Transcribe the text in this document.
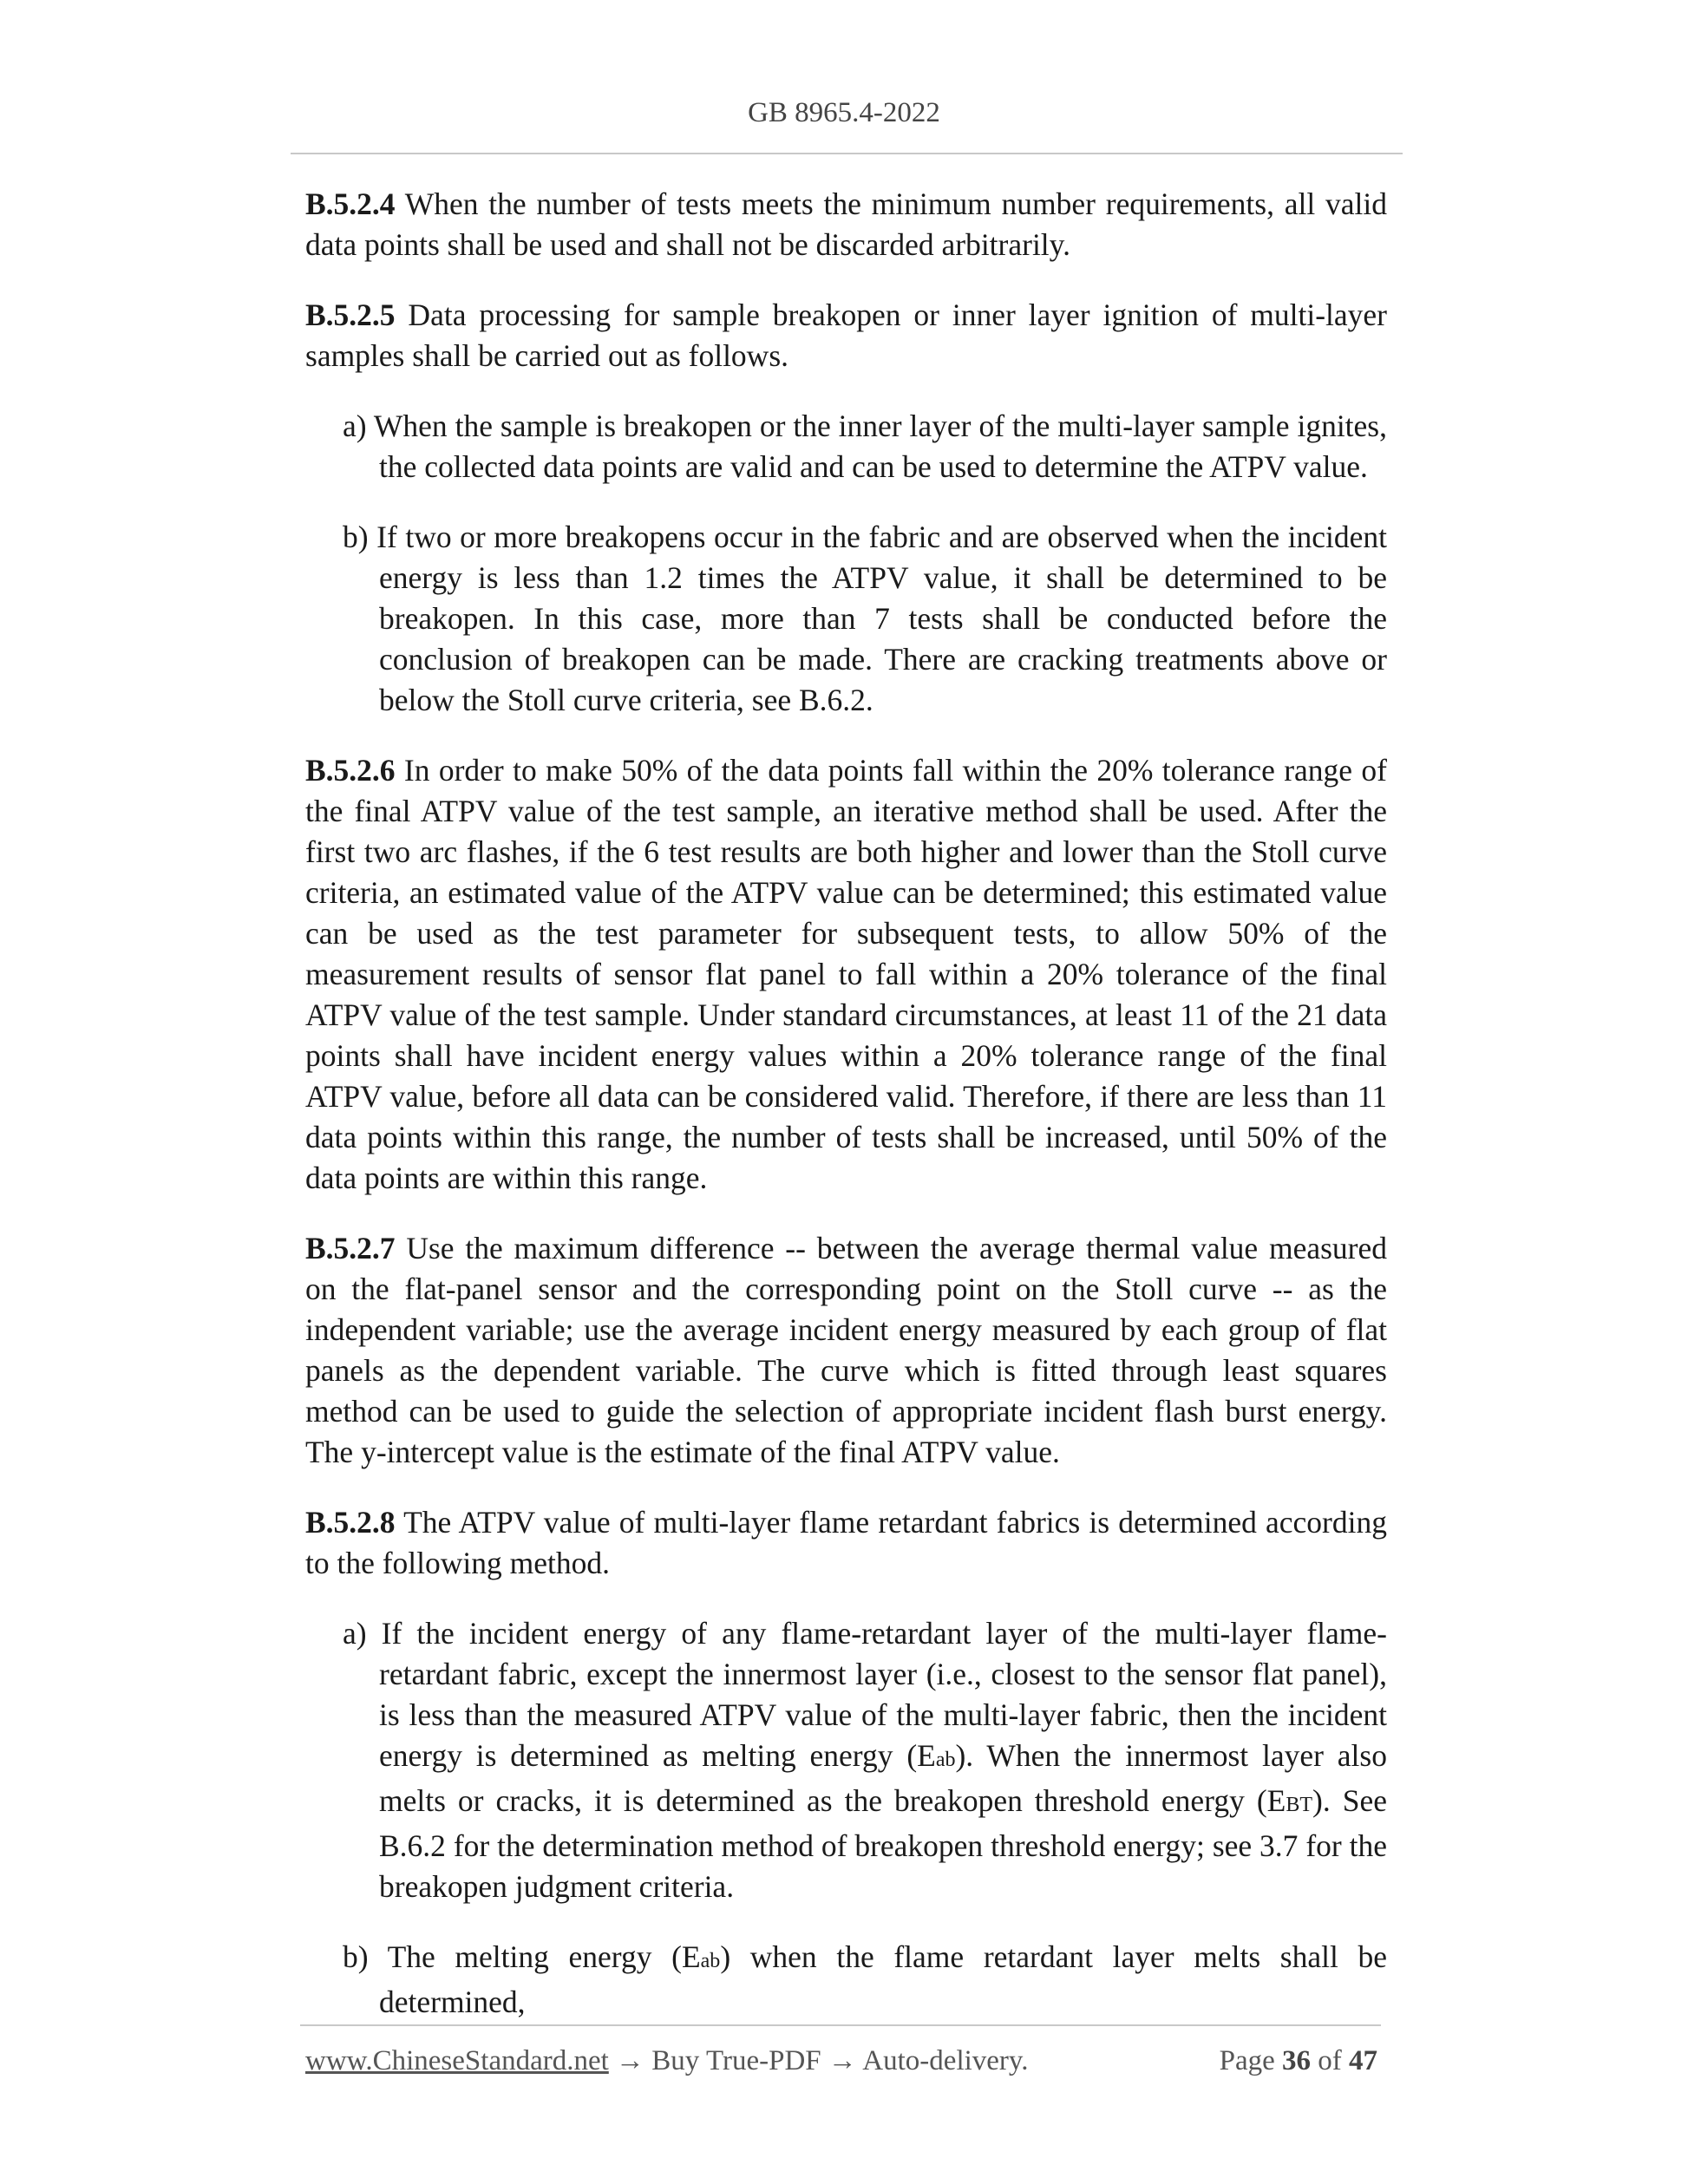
GB 8965.4-2022

B.5.2.4 When the number of tests meets the minimum number requirements, all valid data points shall be used and shall not be discarded arbitrarily.

B.5.2.5 Data processing for sample breakopen or inner layer ignition of multi-layer samples shall be carried out as follows.

a) When the sample is breakopen or the inner layer of the multi-layer sample ignites, the collected data points are valid and can be used to determine the ATPV value.

b) If two or more breakopens occur in the fabric and are observed when the incident energy is less than 1.2 times the ATPV value, it shall be determined to be breakopen. In this case, more than 7 tests shall be conducted before the conclusion of breakopen can be made. There are cracking treatments above or below the Stoll curve criteria, see B.6.2.

B.5.2.6 In order to make 50% of the data points fall within the 20% tolerance range of the final ATPV value of the test sample, an iterative method shall be used. After the first two arc flashes, if the 6 test results are both higher and lower than the Stoll curve criteria, an estimated value of the ATPV value can be determined; this estimated value can be used as the test parameter for subsequent tests, to allow 50% of the measurement results of sensor flat panel to fall within a 20% tolerance of the final ATPV value of the test sample. Under standard circumstances, at least 11 of the 21 data points shall have incident energy values within a 20% tolerance range of the final ATPV value, before all data can be considered valid. Therefore, if there are less than 11 data points within this range, the number of tests shall be increased, until 50% of the data points are within this range.

B.5.2.7 Use the maximum difference -- between the average thermal value measured on the flat-panel sensor and the corresponding point on the Stoll curve -- as the independent variable; use the average incident energy measured by each group of flat panels as the dependent variable. The curve which is fitted through least squares method can be used to guide the selection of appropriate incident flash burst energy. The y-intercept value is the estimate of the final ATPV value.

B.5.2.8 The ATPV value of multi-layer flame retardant fabrics is determined according to the following method.

a) If the incident energy of any flame-retardant layer of the multi-layer flame-retardant fabric, except the innermost layer (i.e., closest to the sensor flat panel), is less than the measured ATPV value of the multi-layer fabric, then the incident energy is determined as melting energy (Eab). When the innermost layer also melts or cracks, it is determined as the breakopen threshold energy (EBT). See B.6.2 for the determination method of breakopen threshold energy; see 3.7 for the breakopen judgment criteria.

b) The melting energy (Eab) when the flame retardant layer melts shall be determined,

www.ChineseStandard.net → Buy True-PDF → Auto-delivery.	Page 36 of 47
